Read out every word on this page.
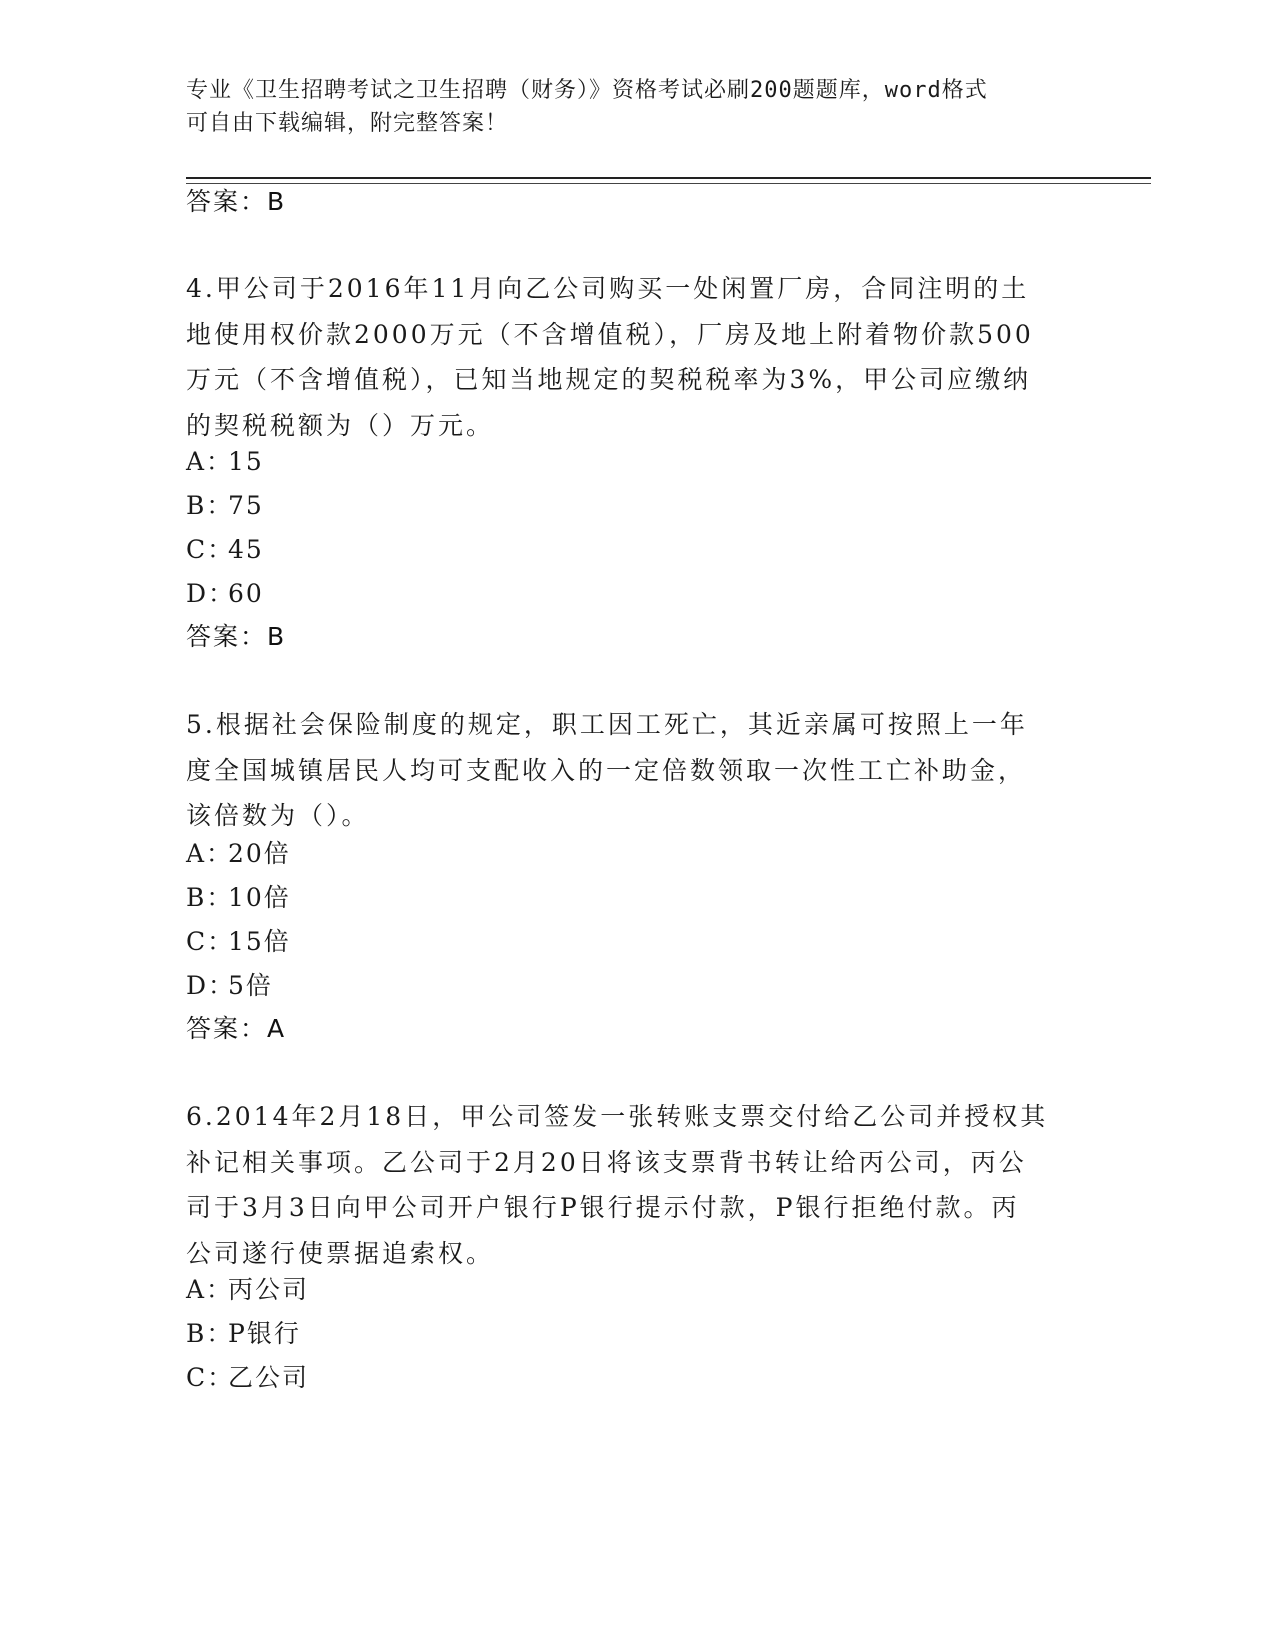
专业《卫生招聘考试之卫生招聘（财务）》资格考试必刷200题题库，word格式
可自由下载编辑，附完整答案！
答案：B
4.甲公司于2016年11月向乙公司购买一处闲置厂房，合同注明的土
地使用权价款2000万元（不含增值税），厂房及地上附着物价款500
万元（不含增值税），已知当地规定的契税税率为3%，甲公司应缴纳
的契税税额为（）万元。
A：15
B：75
C：45
D：60
答案：B
5.根据社会保险制度的规定，职工因工死亡，其近亲属可按照上一年
度全国城镇居民人均可支配收入的一定倍数领取一次性工亡补助金，
该倍数为（）。
A：20倍
B：10倍
C：15倍
D：5倍
答案：A
6.2014年2月18日，甲公司签发一张转账支票交付给乙公司并授权其
补记相关事项。乙公司于2月20日将该支票背书转让给丙公司，丙公
司于3月3日向甲公司开户银行P银行提示付款，P银行拒绝付款。丙
公司遂行使票据追索权。
A：丙公司
B：P银行
C：乙公司
